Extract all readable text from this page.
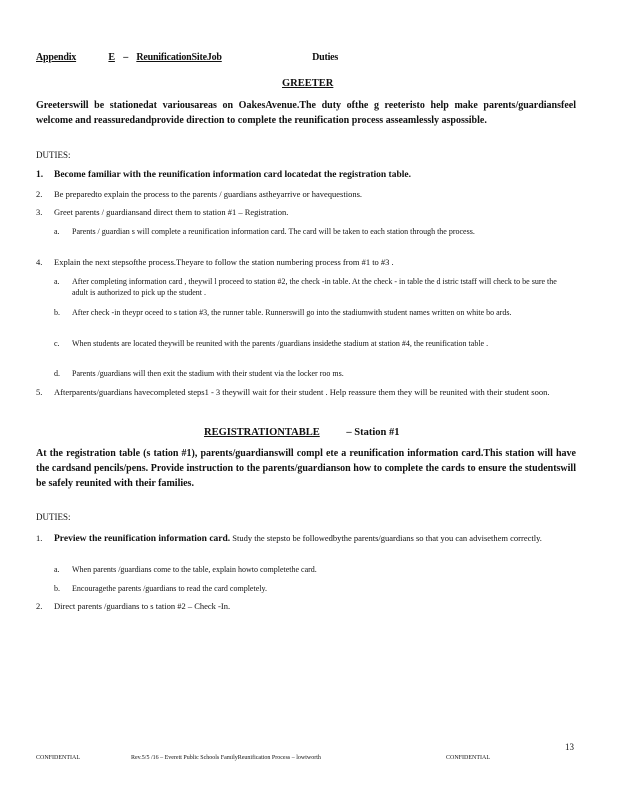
Appendix	E – ReunificationSiteJob	Duties
GREETER
Greeterswill be stationedat variousareas on OakesAvenue.The duty ofthe g reeteristo help make parents/guardiansfeel welcome and reassuredandprovide direction to complete the reunification process asseamlessly aspossible.
DUTIES:
1. Become familiar with the reunification information card locatedat the registration table.
2. Be preparedto explain the process to the parents / guardians astheyarrive or havequestions.
3. Greet parents / guardiansand direct them to station #1 – Registration.
a. Parents / guardian s will complete a reunification information card. The card will be taken to each station through the process.
4. Explain the next stepsofthe process.Theyare to follow the station numbering process from #1 to #3 .
a. After completing information card , theywil l proceed to station #2, the check -in table. At the check - in table the d istric tstaff will check to be sure the adult is authorized to pick up the student .
b. After check -in theypr oceed to s tation #3, the runner table. Runnerswill go into the stadiumwith student names written on white bo ards.
c. When students are located theywill be reunited with the parents /guardians insidethe stadium at station #4, the reunification table .
d. Parents /guardians will then exit the stadium with their student via the locker roo ms.
5. Afterparents/guardians havecompleted steps1 - 3 theywill wait for their student . Help reassure them they will be reunited with their student soon.
REGISTRATIONTABLE	– Station #1
At the registration table (s tation #1), parents/guardianswill compl ete a reunification information card.This station will have the cardsand pencils/pens. Provide instruction to the parents/guardianson how to complete the cards to ensure the studentswill be safely reunited with their families.
DUTIES:
1. Preview the reunification information card. Study the stepsto be followedbythe parents/guardians so that you can advisethem correctly.
a. When parents /guardians come to the table, explain howto completethe card.
b. Encouragethe parents /guardians to read the card completely.
2. Direct parents /guardians to s tation #2 – Check -In.
13
CONFIDENTIAL	Rev.5/5 /16 – Everett Public Schools FamilyReunification Process – lowtworth	CONFIDENTIAL
